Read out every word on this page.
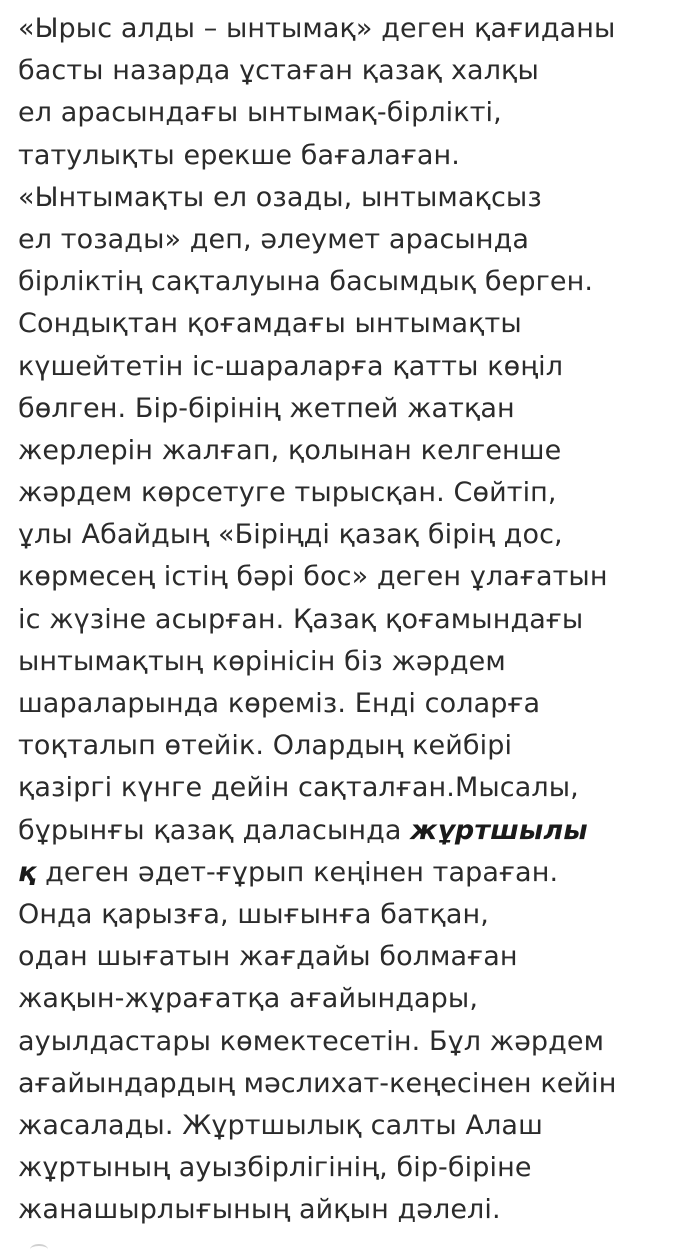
«Ырыс алды – ынтымақ» деген қағиданы
басты назарда ұстаған қазақ халқы
ел арасындағы ынтымақ-бірлікті,
татулықты ерекше бағалаған.
«Ынтымақты ел озады, ынтымақсыз
ел тозады» деп, әлеумет арасында
бірліктің сақталуына басымдық берген.
Сондықтан қоғамдағы ынтымақты
күшейтетін іс-шараларға қатты көңіл
бөлген. Бір-бірінің жетпей жатқан
жерлерін жалғап, қолынан келгенше
жәрдем көрсетуге тырысқан. Сөйтіп,
ұлы Абайдың «Біріңді қазақ бірің дос,
көрмесең істің бәрі бос» деген ұлағатын
іс жүзіне асырған. Қазақ қоғамындағы
ынтымақтың көрінісін біз жәрдем
шараларында көреміз. Енді соларға
тоқталып өтейік. Олардың кейбірі
қазіргі күнге дейін сақталған.Мысалы,
бұрынғы қазақ даласында жұртшылы
қ деген әдет-ғұрып кеңінен тараған.
Онда қарызға, шығынға батқан,
одан шығатын жағдайы болмаған
жақын-жұрағатқа ағайындары,
ауылдастары көмектесетін. Бұл жәрдем
ағайындардың мәслихат-кеңесінен кейін
жасалады. Жұртшылық салты Алаш
жұртының ауызбірлігінің, бір-біріне
жанашырлығының айқын дәлелі.
